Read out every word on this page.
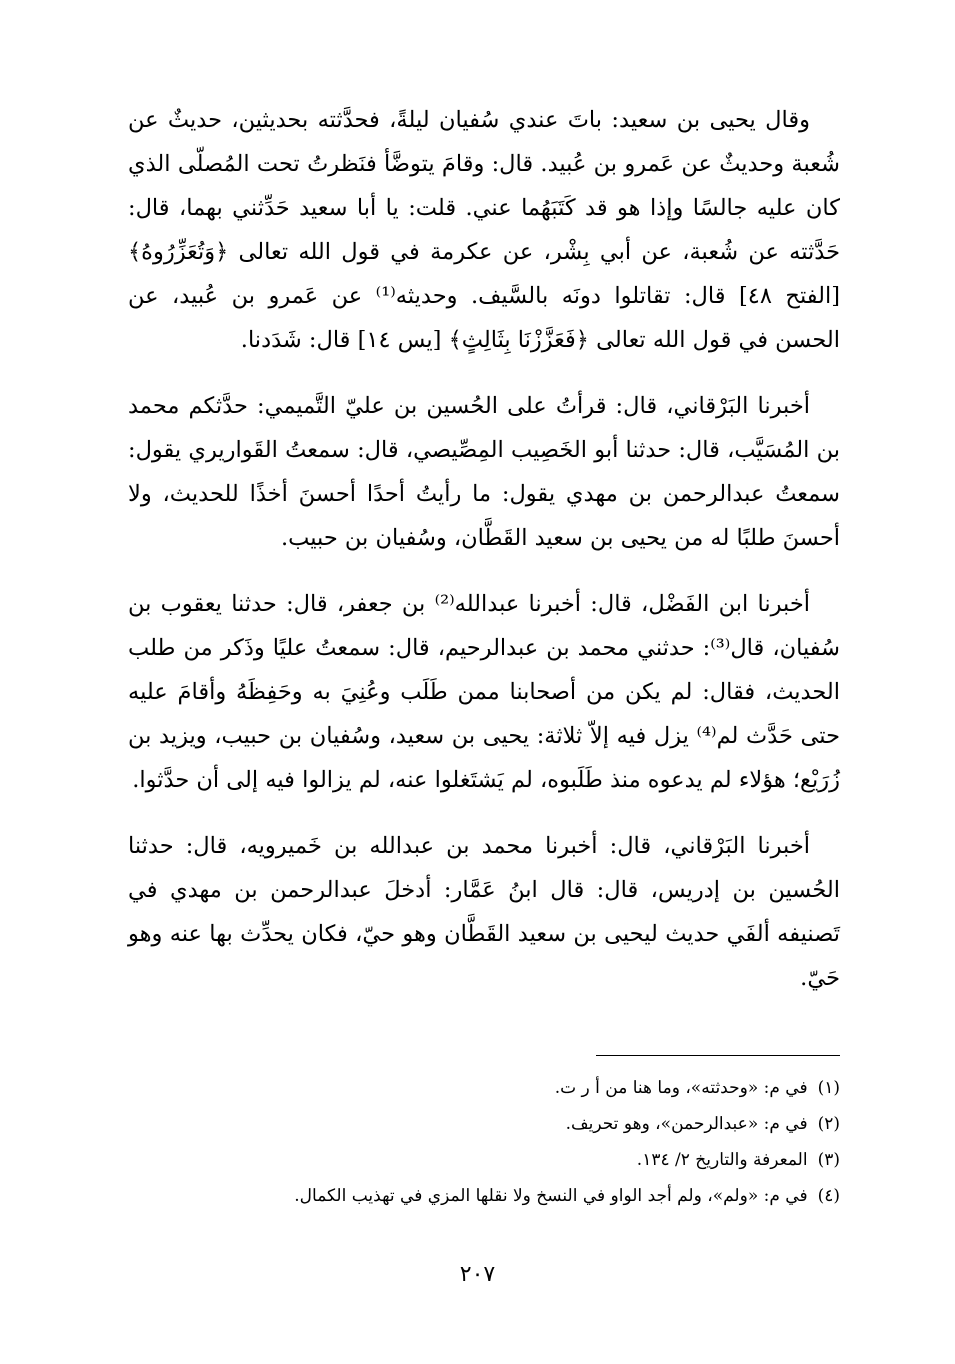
وقال يحيى بن سعيد: باتَ عندي سُفيان ليلةً، فحدَّثته بحديثين، حديثٌ عن شُعبة وحديثٌ عن عَمرو بن عُبيد. قال: وقامَ يتوضَّأ فنَظرتُ تحت المُصلّى الذي كان عليه جالسًا وإذا هو قد كَتَبَهُما عني. قلت: يا أبا سعيد حَدِّثني بهما، قال: حَدَّثته عن شُعبة، عن أبي بِشْر، عن عكرمة في قول الله تعالى ﴿وَتُعَزِّرُوهُ﴾ [الفتح ٤٨] قال: تقاتلوا دونَه بالسَّيف. وحديثه⁽¹⁾ عن عَمرو بن عُبيد، عن الحسن في قول الله تعالى ﴿فَعَزَّزْنَا بِثَالِثٍ﴾ [يس ١٤] قال: شَدَدنا.

أخبرنا البَرْقاني، قال: قرأتُ على الحُسين بن عليّ التَّميمي: حدَّثكم محمد بن المُسَيَّب، قال: حدثنا أبو الخَصِيب المِصِّيصي، قال: سمعتُ القَواريري يقول: سمعتُ عبدالرحمن بن مهدي يقول: ما رأيتُ أحدًا أحسنَ أخذًا للحديث، ولا أحسنَ طلبًا له من يحيى بن سعيد القَطَّان، وسُفيان بن حبيب.

أخبرنا ابن الفَضْل، قال: أخبرنا عبدالله⁽²⁾ بن جعفر، قال: حدثنا يعقوب بن سُفيان، قال⁽³⁾: حدثني محمد بن عبدالرحيم، قال: سمعتُ عليًا وذَكر من طلب الحديث، فقال: لم يكن من أصحابنا ممن طَلَب وعُنِيَ به وحَفِظَهُ وأقامَ عليه حتى حَدَّث لم⁽⁴⁾ يزل فيه إلاّ ثلاثة: يحيى بن سعيد، وسُفيان بن حبيب، ويزيد بن زُرَيْع؛ هؤلاء لم يدعوه منذ طَلَبوه، لم يَشتَغلوا عنه، لم يزالوا فيه إلى أن حدَّثوا.

أخبرنا البَرْقاني، قال: أخبرنا محمد بن عبدالله بن خَميرويه، قال: حدثنا الحُسين بن إدريس، قال: قال ابنُ عَمَّار: أدخلَ عبدالرحمن بن مهدي في تَصنيفه ألفَي حديث ليحيى بن سعيد القَطَّان وهو حيّ، فكان يحدِّث بها عنه وهو حَيّ.

(١)في م: «وحدثته»، وما هنا من أ ر ت.
(٢)في م: «عبدالرحمن»، وهو تحريف.
(٣)المعرفة والتاريخ ٢/ ١٣٤.
(٤)في م: «ولم»، ولم أجد الواو في النسخ ولا نقلها المزي في تهذيب الكمال.
٢٠٧
